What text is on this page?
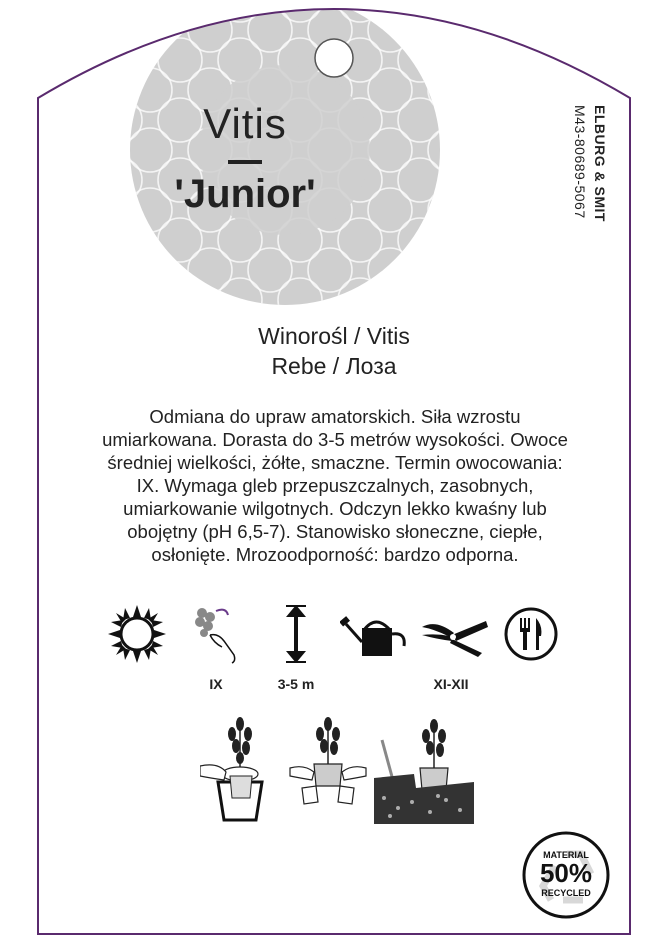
Vitis
'Junior'	ELBURG & SMIT
M43-80689-5067
Winorośl / Vitis
Rebe / Лоза
Odmiana do upraw amatorskich. Siła wzrostu
umiarkowana. Dorasta do 3-5 metrów wysokości. Owoce
średniej wielkości, żółte, smaczne. Termin owocowania:
IX. Wymaga gleb przepuszczalnych, zasobnych,
umiarkowanie wilgotnych. Odczyn lekko kwaśny lub
obojętny (pH 6,5-7). Stanowisko słoneczne, ciepłe,
osłonięte. Mrozoodporność: bardzo odporna.
IX	3-5 m	XI-XII
MATERIAL
50%
RECYCLED
